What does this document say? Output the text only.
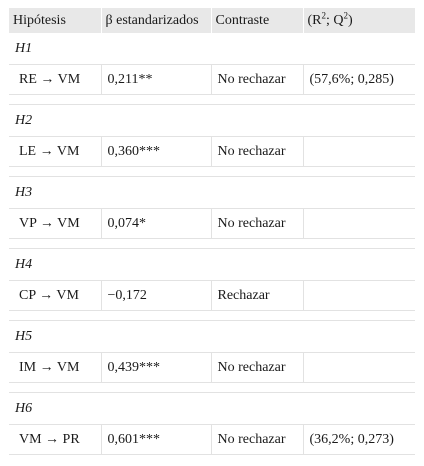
Hipótesis	β estandarizados	Contraste	($R^2$; $Q^2$)
H1			
RE → VM	0,211**	No rechazar	(57,6%; 0,285)

H2			
LE → VM	0,360***	No rechazar	

H3			
VP → VM	0,074*	No rechazar	

H4			
CP → VM	−0,172	Rechazar	

H5			
IM → VM	0,439***	No rechazar	

H6			
VM → PR	0,601***	No rechazar	(36,2%; 0,273)
